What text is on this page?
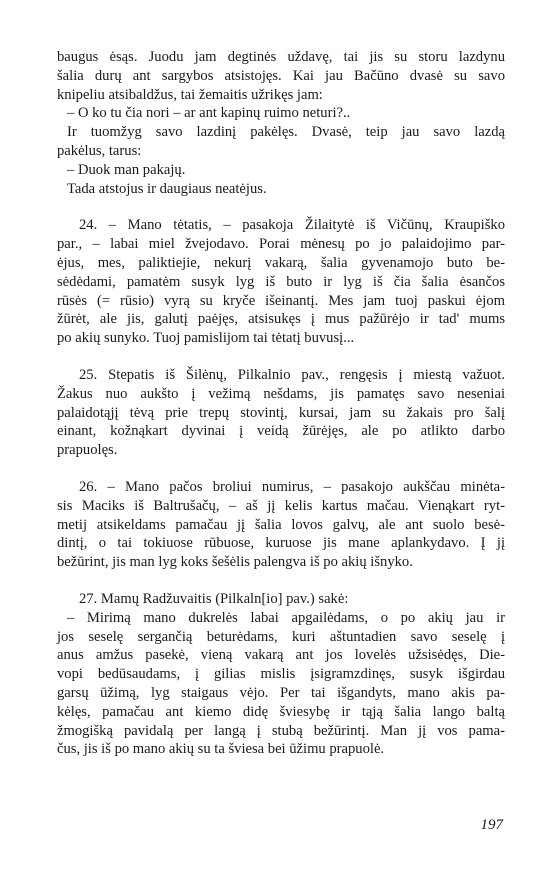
baugus ėsąs. Juodu jam degtinės uždavę, tai jis su storu lazdynu
šalia durų ant sargybos atsistojęs. Kai jau Bačūno dvasė su savo
knipeliu atsibaldžus, tai žemaitis užrikęs jam:
– O ko tu čia nori – ar ant kapinų ruimo neturi?..
Ir tuomžyg savo lazdinį pakėlęs. Dvasė, teip jau savo lazdą
pakėlus, tarus:
– Duok man pakajų.
Tada atstojus ir daugiaus neatėjus.
24. – Mano tėtatis, – pasakoja Žilaitytė iš Vičūnų, Kraupiško
par., – labai miel žvejodavo. Porai mėnesų po jo palaidojimo par-
ėjus, mes, paliktiejie, nekurį vakarą, šalia gyvenamojo buto be-
sėdėdami, pamatėm susyk lyg iš buto ir lyg iš čia šalia ėsančos
rūsės (= rūsio) vyrą su kryče išeinantį. Mes jam tuoj paskui ėjom
žūrėt, ale jis, galutį paėjęs, atsisukęs į mus pažūrėjo ir tad' mums
po akių sunyko. Tuoj pamislijom tai tėtatį buvusį...
25. Stepatis iš Šilėnų, Pilkalnio pav., rengęsis į miestą važuot.
Žakus nuo aukšto į vežimą nešdams, jis pamatęs savo neseniai
palaidotąjį tėvą prie trepų stovintį, kursai, jam su žakais pro šalį
einant, kožnąkart dyvinai į veidą žūrėjęs, ale po atlikto darbo
prapuolęs.
26. – Mano pačos broliui numirus, – pasakojo aukščau minėta-
sis Maciks iš Baltrušačų, – aš jį kelis kartus mačau. Vienąkart ryt-
metij atsikeldams pamačau jį šalia lovos galvų, ale ant suolo besė-
dintį, o tai tokiuose rūbuose, kuruose jis mane aplankydavo. Į jį
bežūrint, jis man lyg koks šešėlis palengva iš po akių išnyko.
27. Mamų Radžuvaitis (Pilkaln[io] pav.) sakė:
– Mirimą mano dukrelės labai apgailėdams, o po akių jau ir
jos seselę sergančią beturėdams, kuri aštuntadien savo seselę į
anus amžus pasekė, vieną vakarą ant jos lovelės užsisėdęs, Die-
vopi bedūsaudams, į gilias mislis įsigramzdinęs, susyk išgirdau
garsų ūžimą, lyg staigaus vėjo. Per tai išgandyts, mano akis pa-
kėlęs, pamačau ant kiemo didę šviesybę ir tąją šalia lango baltą
žmogišką pavidalą per langą į stubą bežūrintį. Man jį vos pama-
čus, jis iš po mano akių su ta šviesa bei ūžimu prapuolė.
197
